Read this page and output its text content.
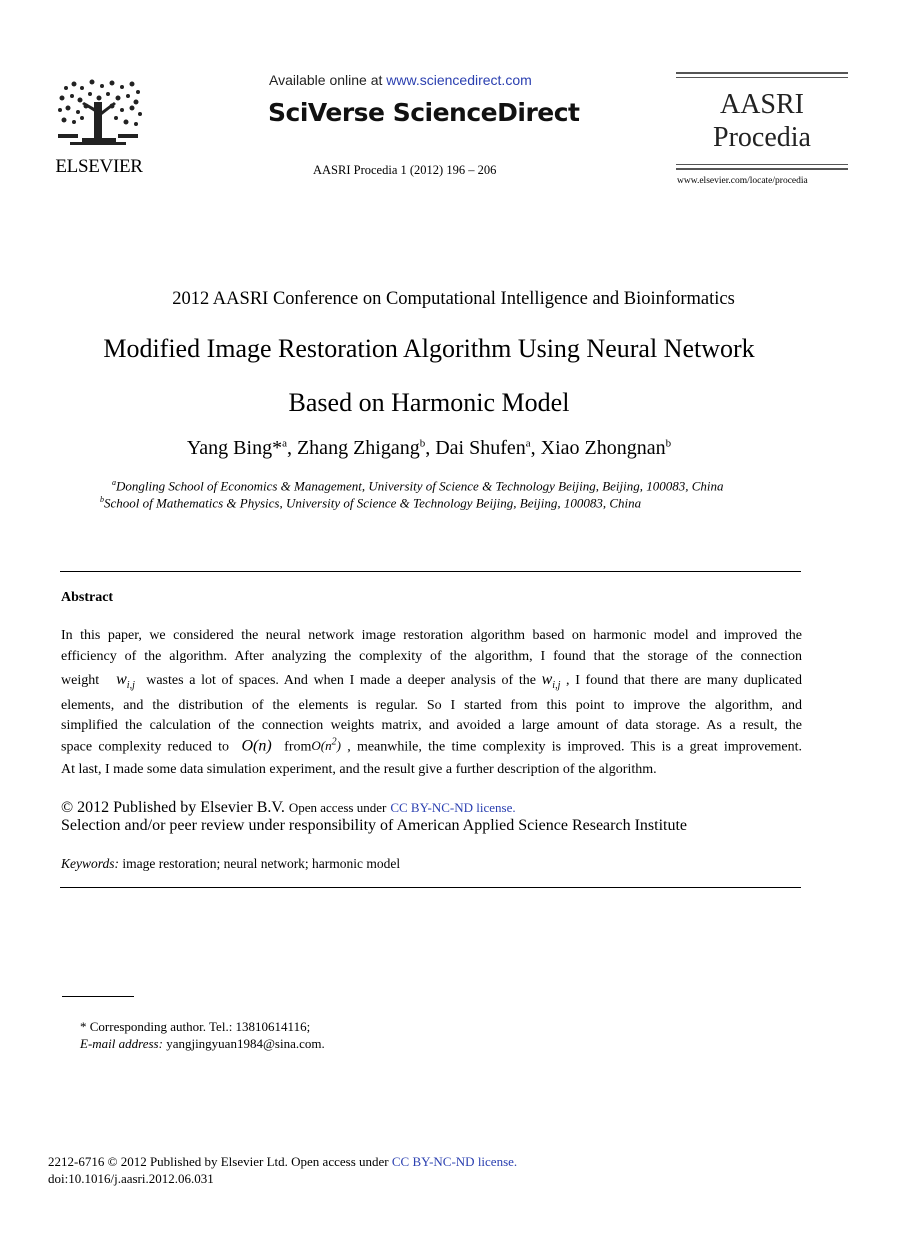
ELSEVIER
Available online at www.sciencedirect.com
SciVerse ScienceDirect
AASRI Procedia 1 (2012) 196 – 206
AASRI
Procedia
www.elsevier.com/locate/procedia
2012 AASRI Conference on Computational Intelligence and Bioinformatics
Modified Image Restoration Algorithm Using Neural Network
Based on Harmonic Model
Yang Bing*$^a$, Zhang Zhigang$^b$, Dai Shufen$^a$, Xiao Zhongnan$^b$
$^a$Dongling School of Economics & Management, University of Science & Technology Beijing, Beijing, 100083, China
$^b$School of Mathematics & Physics, University of Science & Technology Beijing, Beijing, 100083, China
Abstract
In this paper, we considered the neural network image restoration algorithm based on harmonic model and improved the
efficiency of the algorithm. After analyzing the complexity of the algorithm, I found that the storage of the connection
weight $w_{i,j}$ wastes a lot of spaces. And when I made a deeper analysis of the $w_{i,j}$ , I found that there are many duplicated
elements, and the distribution of the elements is regular. So I started from this point to improve the algorithm, and
simplified the calculation of the connection weights matrix, and avoided a large amount of data storage. As a result, the
space complexity reduced to O(n) $fromO(n^2)$ , meanwhile, the time complexity is improved. This is a great improvement.
At last, I made some data simulation experiment, and the result give a further description of the algorithm.
© 2012 Published by Elsevier B.V. Open access under CC BY-NC-ND license.
Selection and/or peer review under responsibility of American Applied Science Research Institute
Keywords: image restoration; neural network; harmonic model
* Corresponding author. Tel.: 13810614116;
E-mail address: yangjingyuan1984@sina.com.
2212-6716 © 2012 Published by Elsevier Ltd. Open access under CC BY-NC-ND license.
doi:10.1016/j.aasri.2012.06.031
